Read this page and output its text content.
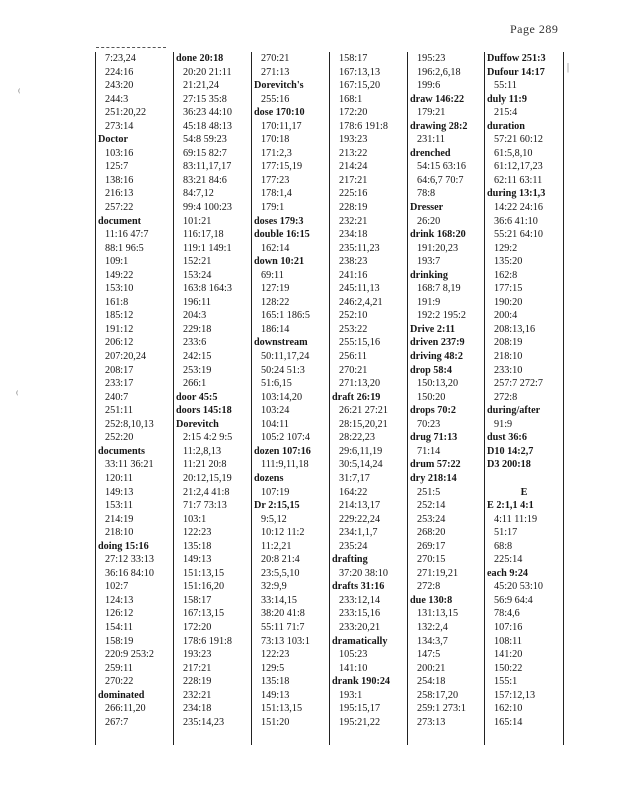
Page 289
⁽
⁽
|
7:23,24
224:16
243:20
244:3
251:20,22
273:14
Doctor
103:16
125:7
138:16
216:13
257:22
document
11:16 47:7
88:1 96:5
109:1
149:22
153:10
161:8
185:12
191:12
206:12
207:20,24
208:17
233:17
240:7
251:11
252:8,10,13
252:20
documents
33:11 36:21
120:11
149:13
153:11
214:19
218:10
doing 15:16
27:12 33:13
36:16 84:10
102:7
124:13
126:12
154:11
158:19
220:9 253:2
259:11
270:22
dominated
266:11,20
267:7
done 20:18
20:20 21:11
21:21,24
27:15 35:8
36:23 44:10
45:18 48:13
54:8 59:23
69:15 82:7
83:11,17,17
83:21 84:6
84:7,12
99:4 100:23
101:21
116:17,18
119:1 149:1
152:21
153:24
163:8 164:3
196:11
204:3
229:18
233:6
242:15
253:19
266:1
door 45:5
doors 145:18
Dorevitch
2:15 4:2 9:5
11:2,8,13
11:21 20:8
20:12,15,19
21:2,4 41:8
71:7 73:13
103:1
122:23
135:18
149:13
151:13,15
151:16,20
158:17
167:13,15
172:20
178:6 191:8
193:23
217:21
228:19
232:21
234:18
235:14,23
270:21
271:13
Dorevitch's
255:16
dose 170:10
170:11,17
170:18
171:2,3
177:15,19
177:23
178:1,4
179:1
doses 179:3
double 16:15
162:14
down 10:21
69:11
127:19
128:22
165:1 186:5
186:14
downstream
50:11,17,24
50:24 51:3
51:6,15
103:14,20
103:24
104:11
105:2 107:4
dozen 107:16
111:9,11,18
dozens
107:19
Dr 2:15,15
9:5,12
10:12 11:2
11:2,21
20:8 21:4
23:5,5,10
32:9,9
33:14,15
38:20 41:8
55:11 71:7
73:13 103:1
122:23
129:5
135:18
149:13
151:13,15
151:20
158:17
167:13,13
167:15,20
168:1
172:20
178:6 191:8
193:23
213:22
214:24
217:21
225:16
228:19
232:21
234:18
235:11,23
238:23
241:16
245:11,13
246:2,4,21
252:10
253:22
255:15,16
256:11
270:21
271:13,20
draft 26:19
26:21 27:21
28:15,20,21
28:22,23
29:6,11,19
30:5,14,24
31:7,17
164:22
214:13,17
229:22,24
234:1,1,7
235:24
drafting
37:20 38:10
drafts 31:16
233:12,14
233:15,16
233:20,21
dramatically
105:23
141:10
drank 190:24
193:1
195:15,17
195:21,22
195:23
196:2,6,18
199:6
draw 146:22
179:21
drawing 28:2
231:11
drenched
54:15 63:16
64:6,7 70:7
78:8
Dresser
26:20
drink 168:20
191:20,23
193:7
drinking
168:7 8,19
191:9
192:2 195:2
Drive 2:11
driven 237:9
driving 48:2
drop 58:4
150:13,20
150:20
drops 70:2
70:23
drug 71:13
71:14
drum 57:22
dry 218:14
251:5
252:14
253:24
268:20
269:17
270:15
271:19,21
272:8
due 130:8
131:13,15
132:2,4
134:3,7
147:5
200:21
254:18
258:17,20
259:1 273:1
273:13
Duffow 251:3
Dufour 14:17
55:11
duly 11:9
215:4
duration
57:21 60:12
61:5,8,10
61:12,17,23
62:11 63:11
during 13:1,3
14:22 24:16
36:6 41:10
55:21 64:10
129:2
135:20
162:8
177:15
190:20
200:4
208:13,16
208:19
218:10
233:10
257:7 272:7
272:8
during/after
91:9
dust 36:6
D10 14:2,7
D3 200:18
E
E 2:1,1 4:1
4:11 11:19
51:17
68:8
225:14
each 9:24
45:20 53:10
56:9 64:4
78:4,6
107:16
108:11
141:20
150:22
155:1
157:12,13
162:10
165:14
